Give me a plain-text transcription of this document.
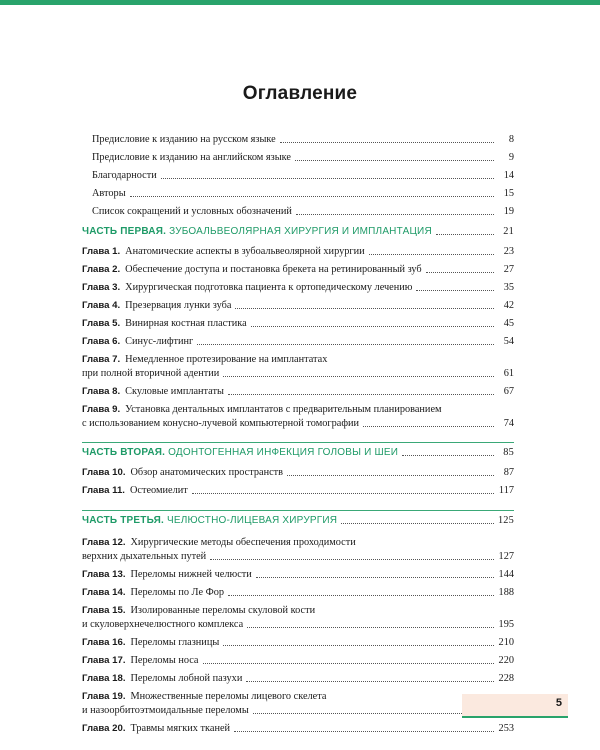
Оглавление
Предисловие к изданию на русском языке	8
Предисловие к изданию на английском языке	9
Благодарности	14
Авторы	15
Список сокращений и условных обозначений	19
ЧАСТЬ ПЕРВАЯ. ЗУБОАЛЬВЕОЛЯРНАЯ ХИРУРГИЯ И ИМПЛАНТАЦИЯ	21
Глава 1. Анатомические аспекты в зубоальвеолярной хирургии	23
Глава 2. Обеспечение доступа и постановка брекета на ретинированный зуб	27
Глава 3. Хирургическая подготовка пациента к ортопедическому лечению	35
Глава 4. Презервация лунки зуба	42
Глава 5. Винирная костная пластика	45
Глава 6. Синус-лифтинг	54
Глава 7. Немедленное протезирование на имплантатах
при полной вторичной адентии	61
Глава 8. Скуловые имплантаты	67
Глава 9. Установка дентальных имплантатов с предварительным планированием
с использованием конусно-лучевой компьютерной томографии	74
ЧАСТЬ ВТОРАЯ. ОДОНТОГЕННАЯ ИНФЕКЦИЯ ГОЛОВЫ И ШЕИ	85
Глава 10. Обзор анатомических пространств	87
Глава 11. Остеомиелит	117
ЧАСТЬ ТРЕТЬЯ. ЧЕЛЮСТНО-ЛИЦЕВАЯ ХИРУРГИЯ	125
Глава 12. Хирургические методы обеспечения проходимости
верхних дыхательных путей	127
Глава 13. Переломы нижней челюсти	144
Глава 14. Переломы по Ле Фор	188
Глава 15. Изолированные переломы скуловой кости
и скуловерхнечелюстного комплекса	195
Глава 16. Переломы глазницы	210
Глава 17. Переломы носа	220
Глава 18. Переломы лобной пазухи	228
Глава 19. Множественные переломы лицевого скелета
и назоорбитоэтмоидальные переломы
Глава 20. Травмы мягких тканей	253
5
